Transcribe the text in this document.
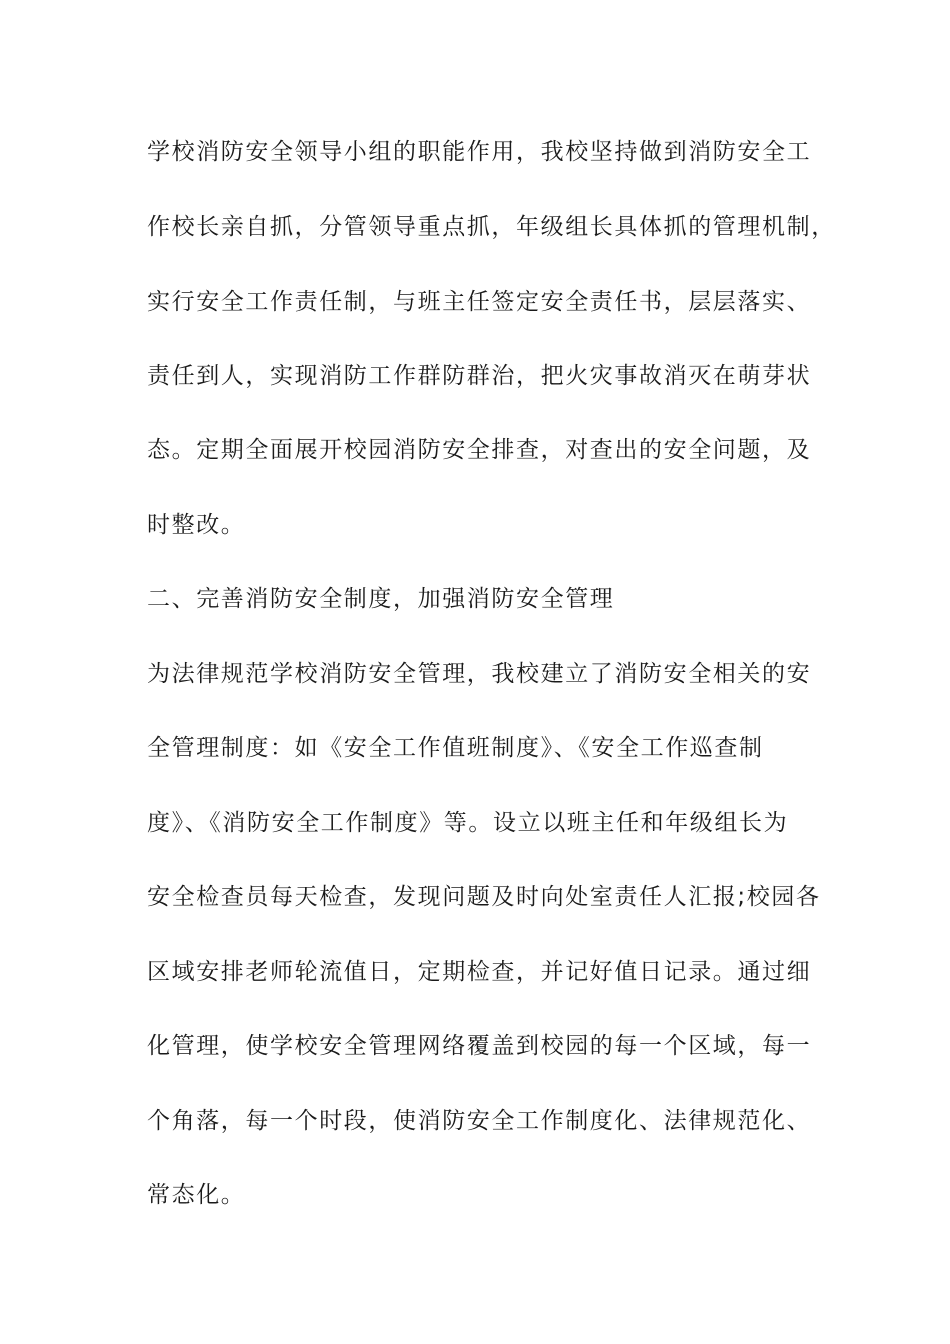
学校消防安全领导小组的职能作用，我校坚持做到消防安全工
作校长亲自抓，分管领导重点抓，年级组长具体抓的管理机制，
实行安全工作责任制，与班主任签定安全责任书，层层落实、
责任到人，实现消防工作群防群治，把火灾事故消灭在萌芽状
态。定期全面展开校园消防安全排查，对查出的安全问题，及
时整改。
二、完善消防安全制度，加强消防安全管理
为法律规范学校消防安全管理，我校建立了消防安全相关的安
全管理制度：如《安全工作值班制度》、《安全工作巡查制
度》、《消防安全工作制度》等。设立以班主任和年级组长为
安全检查员每天检查，发现问题及时向处室责任人汇报;校园各
区域安排老师轮流值日，定期检查，并记好值日记录。通过细
化管理，使学校安全管理网络覆盖到校园的每一个区域，每一
个角落，每一个时段，使消防安全工作制度化、法律规范化、
常态化。
